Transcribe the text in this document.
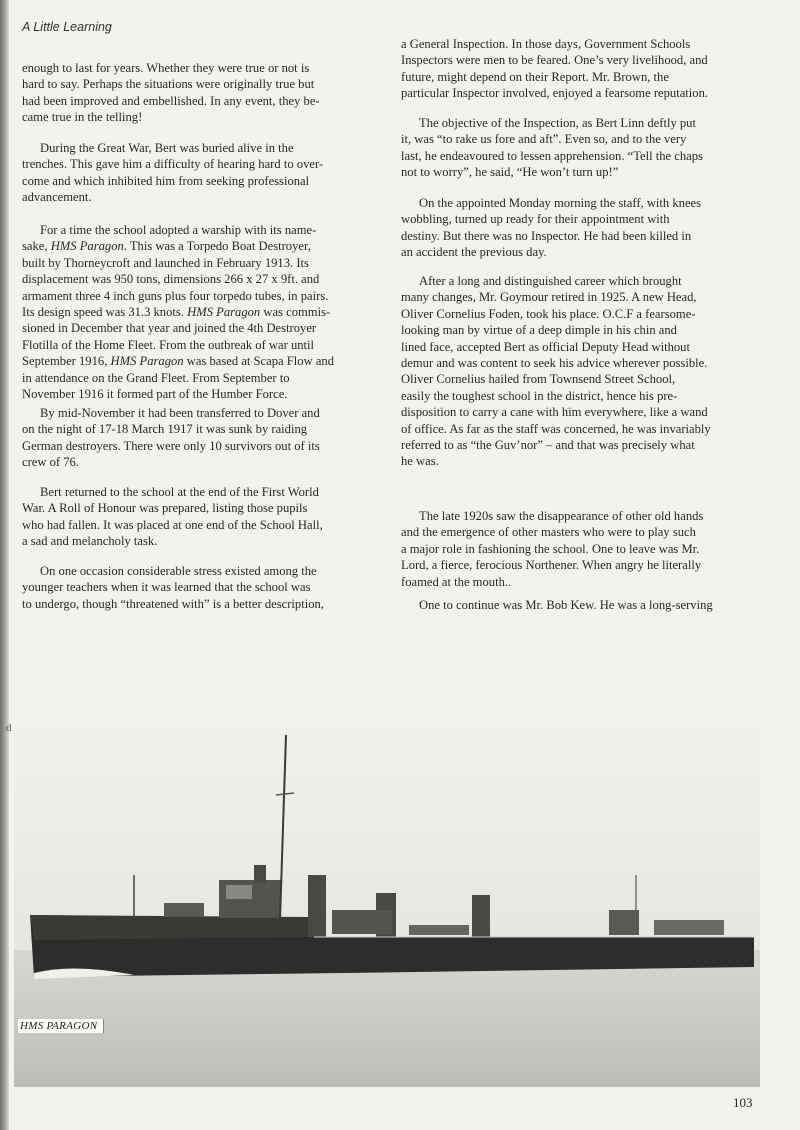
A Little Learning
d
enough to last for years. Whether they were true or not is
hard to say. Perhaps the situations were originally true but
had been improved and embellished. In any event, they be-
came true in the telling!
During the Great War, Bert was buried alive in the
trenches. This gave him a difficulty of hearing hard to over-
come and which inhibited him from seeking professional
advancement.
For a time the school adopted a warship with its name-
sake, HMS Paragon. This was a Torpedo Boat Destroyer,
built by Thorneycroft and launched in February 1913. Its
displacement was 950 tons, dimensions 266 x 27 x 9ft. and
armament three 4 inch guns plus four torpedo tubes, in pairs.
Its design speed was 31.3 knots. HMS Paragon was commis-
sioned in December that year and joined the 4th Destroyer
Flotilla of the Home Fleet. From the outbreak of war until
September 1916, HMS Paragon was based at Scapa Flow and
in attendance on the Grand Fleet. From September to
November 1916 it formed part of the Humber Force.
By mid-November it had been transferred to Dover and
on the night of 17-18 March 1917 it was sunk by raiding
German destroyers. There were only 10 survivors out of its
crew of 76.
Bert returned to the school at the end of the First World
War. A Roll of Honour was prepared, listing those pupils
who had fallen. It was placed at one end of the School Hall,
a sad and melancholy task.
On one occasion considerable stress existed among the
younger teachers when it was learned that the school was
to undergo, though “threatened with” is a better description,
a General Inspection. In those days, Government Schools
Inspectors were men to be feared. One’s very livelihood, and
future, might depend on their Report. Mr. Brown, the
particular Inspector involved, enjoyed a fearsome reputation.
The objective of the Inspection, as Bert Linn deftly put
it, was “to rake us fore and aft”. Even so, and to the very
last, he endeavoured to lessen apprehension. “Tell the chaps
not to worry”, he said, “He won’t turn up!”
On the appointed Monday morning the staff, with knees
wobbling, turned up ready for their appointment with
destiny. But there was no Inspector. He had been killed in
an accident the previous day.
After a long and distinguished career which brought
many changes, Mr. Goymour retired in 1925. A new Head,
Oliver Cornelius Foden, took his place. O.C.F a fearsome-
looking man by virtue of a deep dimple in his chin and
lined face, accepted Bert as official Deputy Head without
demur and was content to seek his advice wherever possible.
Oliver Cornelius hailed from Townsend Street School,
easily the toughest school in the district, hence his pre-
disposition to carry a cane with him everywhere, like a wand
of office. As far as the staff was concerned, he was invariably
referred to as “the Guv’nor” – and that was precisely what
he was.
The late 1920s saw the disappearance of other old hands
and the emergence of other masters who were to play such
a major role in fashioning the school. One to leave was Mr.
Lord, a fierce, ferocious Northener. When angry he literally
foamed at the mouth..
One to continue was Mr. Bob Kew. He was a long-serving
HMS PARAGON
103
